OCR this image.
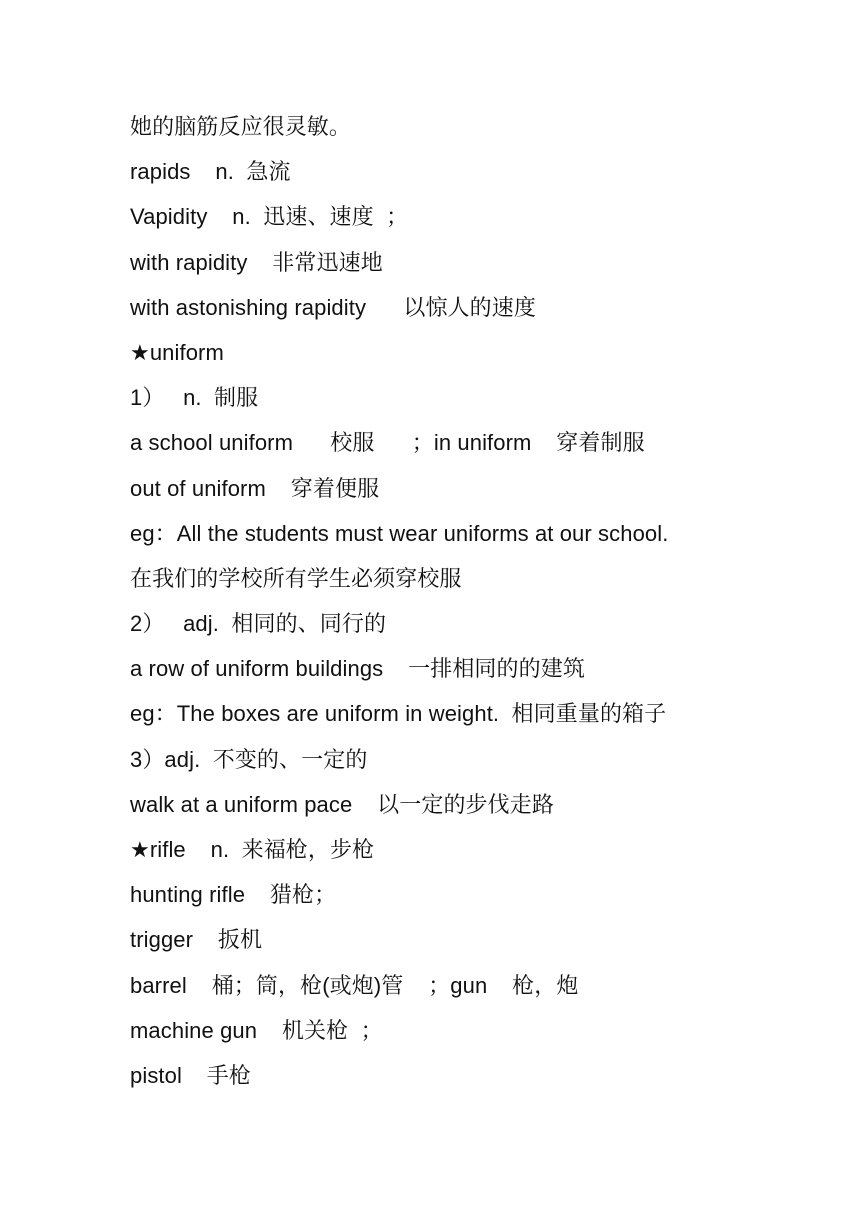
她的脑筋反应很灵敏。
rapids    n.  急流
Vapidity    n.  迅速、速度  ；
with rapidity    非常迅速地
with astonishing rapidity      以惊人的速度
★uniform
1）   n.  制服
a school uniform      校服      ；in uniform    穿着制服
out of uniform    穿着便服
eg：All the students must wear uniforms at our school.
在我们的学校所有学生必须穿校服
2）   adj.  相同的、同行的
a row of uniform buildings    一排相同的的建筑
eg：The boxes are uniform in weight.  相同重量的箱子
3）adj.  不变的、一定的
walk at a uniform pace    以一定的步伐走路
★rifle    n.  来福枪，步枪
hunting rifle    猎枪；
trigger    扳机
barrel    桶；筒，枪(或炮)管    ；gun    枪，炮
machine gun    机关枪  ；
pistol    手枪
